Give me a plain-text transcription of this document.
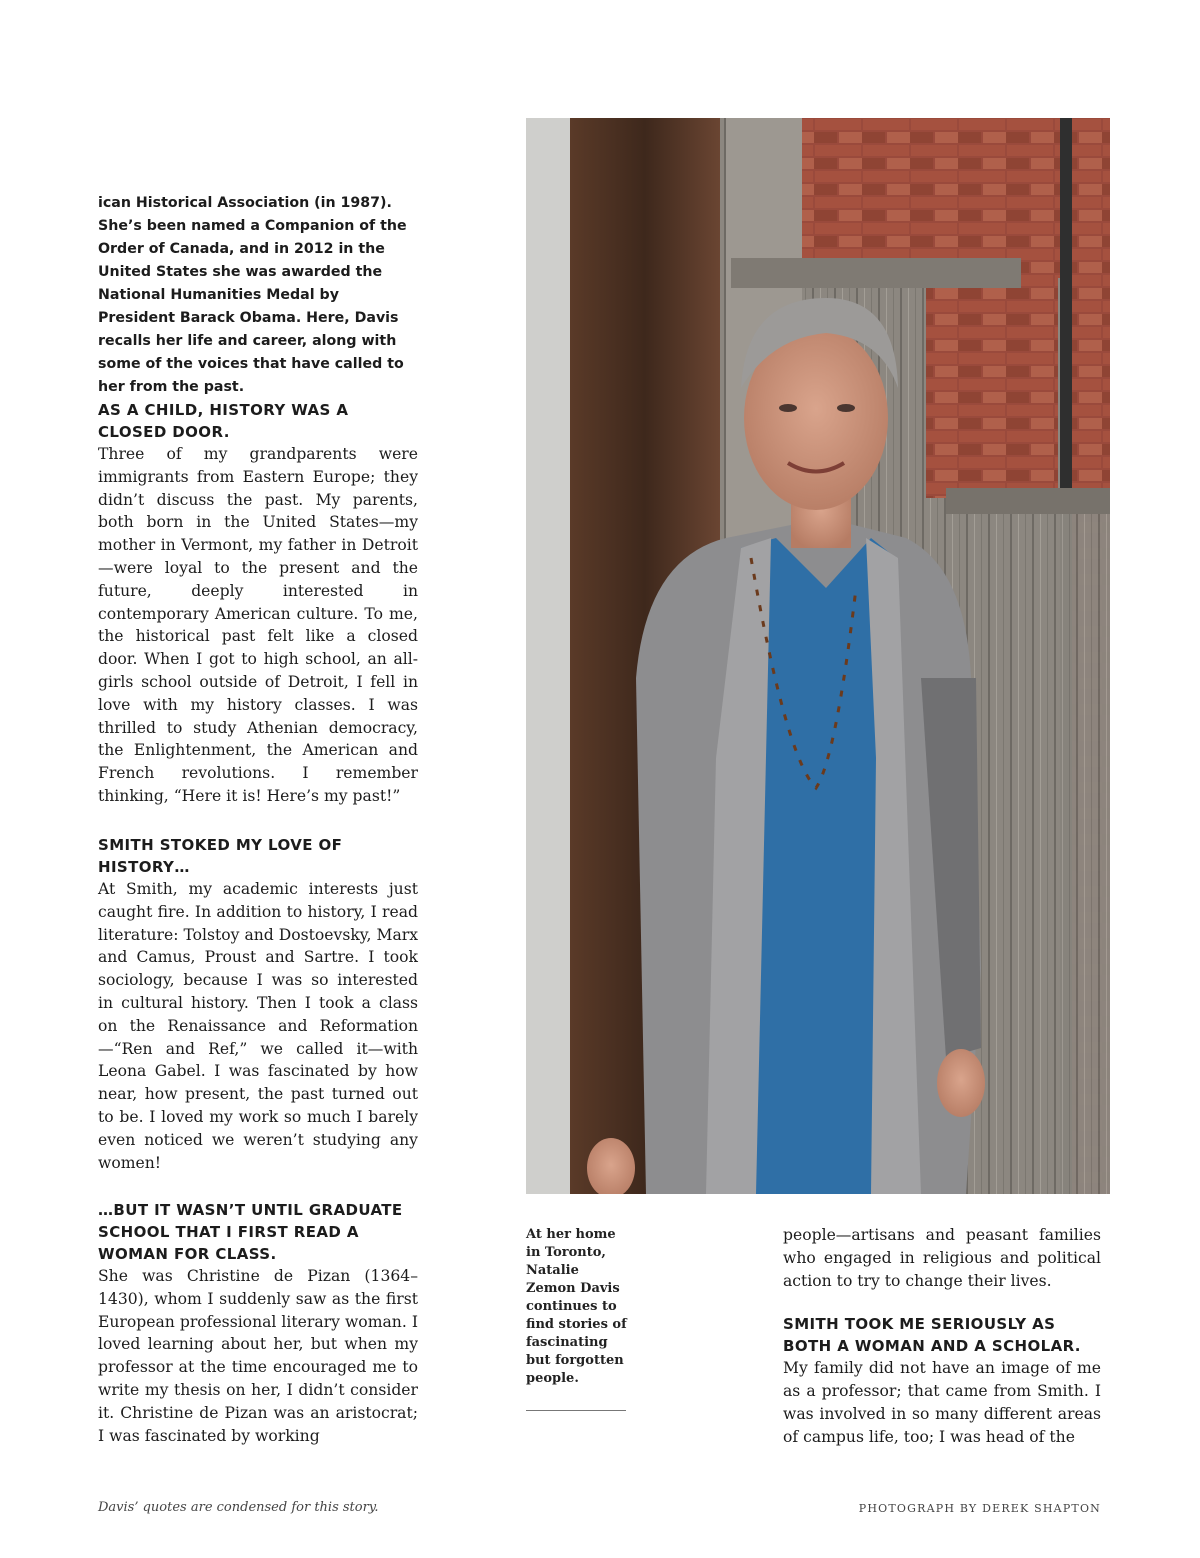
ican Historical Association (in 1987). She’s been named a Companion of the Order of Canada, and in 2012 in the United States she was awarded the National Humanities Medal by President Barack Obama. Here, Davis recalls her life and career, along with some of the voices that have called to her from the past.

AS A CHILD, HISTORY WAS A CLOSED DOOR.

Three of my grandparents were immigrants from Eastern Europe; they didn’t discuss the past. My parents, both born in the United States—my mother in Vermont, my father in Detroit—were loyal to the present and the future, deeply interested in contemporary American culture. To me, the historical past felt like a closed door. When I got to high school, an all-girls school outside of Detroit, I fell in love with my history classes. I was thrilled to study Athenian democracy, the Enlightenment, the American and French revolutions. I remember thinking, “Here it is! Here’s my past!”

SMITH STOKED MY LOVE OF HISTORY…

At Smith, my academic interests just caught fire. In addition to history, I read literature: Tolstoy and Dostoevsky, Marx and Camus, Proust and Sartre. I took sociology, because I was so interested in cultural history. Then I took a class on the Renaissance and Reformation—“Ren and Ref,” we called it—with Leona Gabel. I was fascinated by how near, how present, the past turned out to be. I loved my work so much I barely even noticed we weren’t studying any women!

…BUT IT WASN’T UNTIL GRADUATE SCHOOL THAT I FIRST READ A WOMAN FOR CLASS.

She was Christine de Pizan (1364–1430), whom I suddenly saw as the first European professional literary woman. I loved learning about her, but when my professor at the time encouraged me to write my thesis on her, I didn’t consider it. Christine de Pizan was an aristocrat; I was fascinated by working

At her home in Toronto, Natalie Zemon Davis continues to find stories of fascinating but forgotten people.

people—artisans and peasant families who engaged in religious and political action to try to change their lives.

SMITH TOOK ME SERIOUSLY AS BOTH A WOMAN AND A SCHOLAR.

My family did not have an image of me as a professor; that came from Smith. I was involved in so many different areas of campus life, too; I was head of the

Davis’ quotes are condensed for this story.	PHOTOGRAPH BY DEREK SHAPTON
